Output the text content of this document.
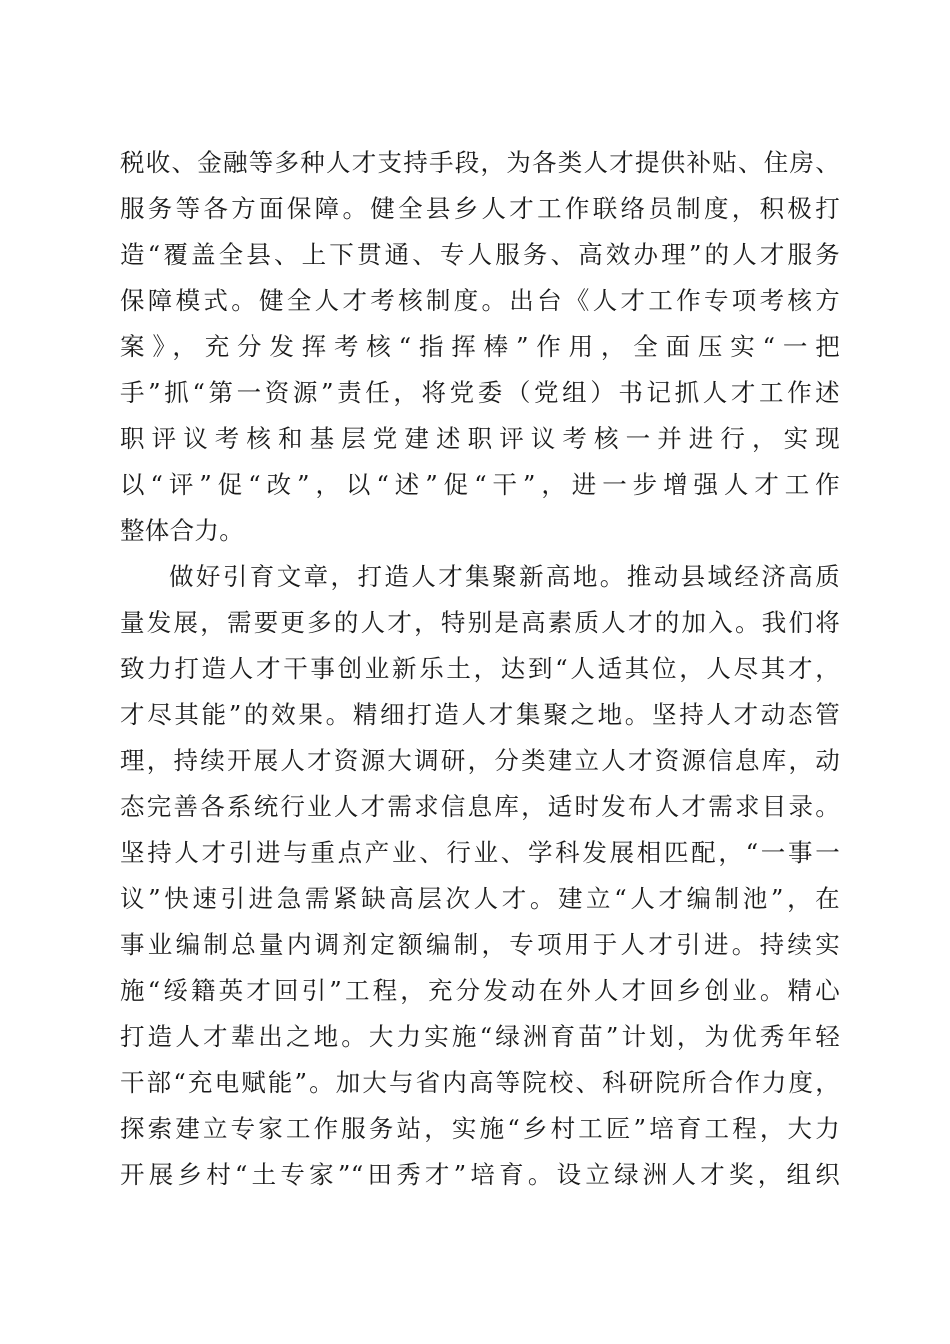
税收、金融等多种人才支持手段，为各类人才提供补贴、住房、
服务等各方面保障。健全县乡人才工作联络员制度，积极打
造“覆盖全县、上下贯通、专人服务、高效办理”的人才服务
保障模式。健全人才考核制度。出台《人才工作专项考核方
案》，充分发挥考核“指挥棒”作用，全面压实“一把
手”抓“第一资源”责任，将党委（党组）书记抓人才工作述
职评议考核和基层党建述职评议考核一并进行，实现
以“评”促“改”，以“述”促“干”，进一步增强人才工作
整体合力。
做好引育文章，打造人才集聚新高地。推动县域经济高质
量发展，需要更多的人才，特别是高素质人才的加入。我们将
致力打造人才干事创业新乐土，达到“人适其位，人尽其才，
才尽其能”的效果。精细打造人才集聚之地。坚持人才动态管
理，持续开展人才资源大调研，分类建立人才资源信息库，动
态完善各系统行业人才需求信息库，适时发布人才需求目录。
坚持人才引进与重点产业、行业、学科发展相匹配，“一事一
议”快速引进急需紧缺高层次人才。建立“人才编制池”，在
事业编制总量内调剂定额编制，专项用于人才引进。持续实
施“绥籍英才回引”工程，充分发动在外人才回乡创业。精心
打造人才辈出之地。大力实施“绿洲育苗”计划，为优秀年轻
干部“充电赋能”。加大与省内高等院校、科研院所合作力度，
探索建立专家工作服务站，实施“乡村工匠”培育工程，大力
开展乡村“土专家”“田秀才”培育。设立绿洲人才奖，组织
